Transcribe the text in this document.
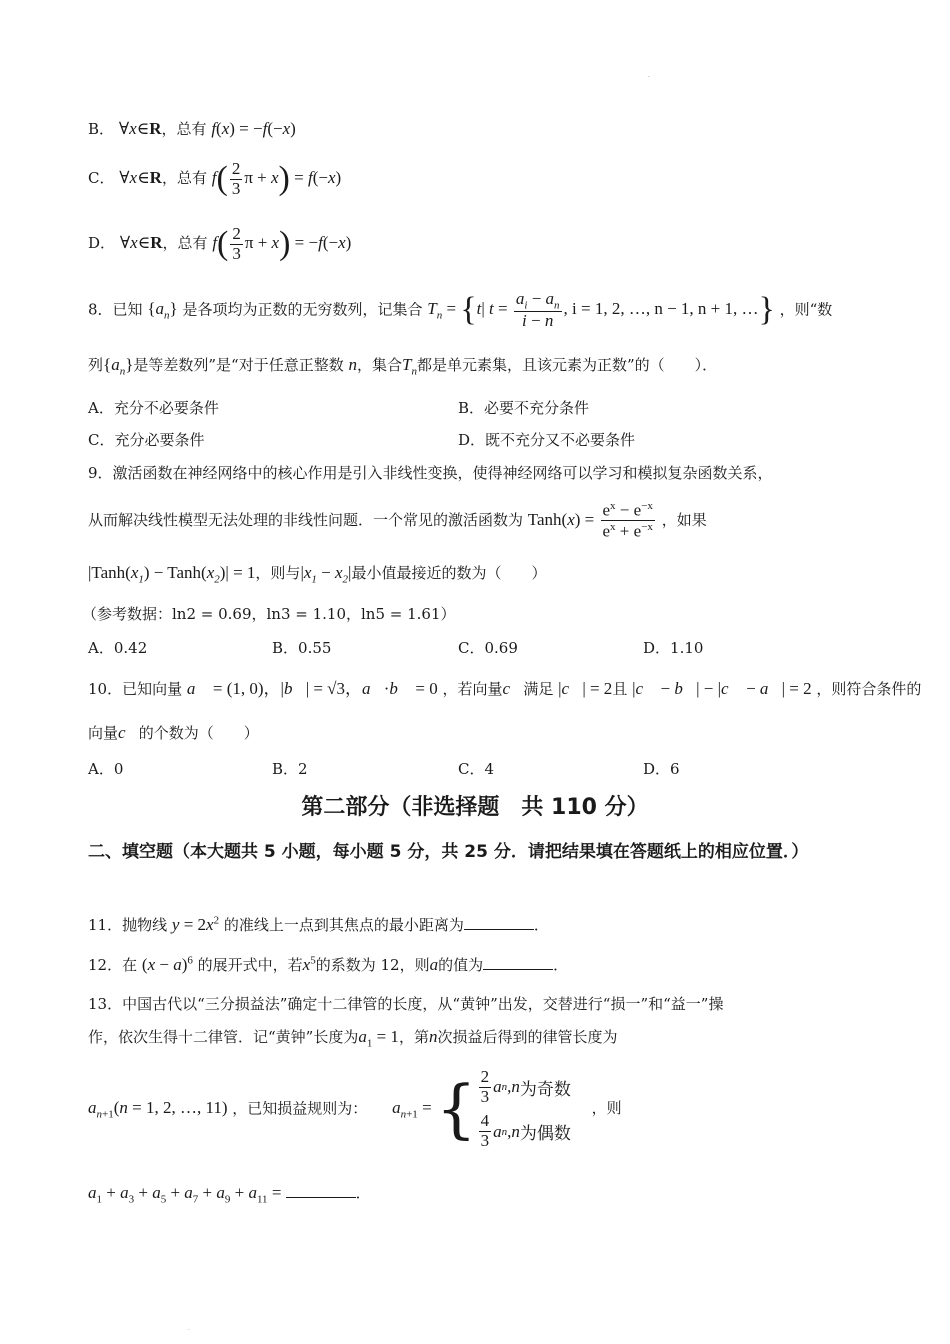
.
B． ∀x∈R，总有 f(x) = −f(−x)
C． ∀x∈R，总有 $f( \frac{2}{3}$ π + x) = f(−x)
D． ∀x∈R，总有 $f( \frac{2}{3}$ π + x) = −f(−x)
8．已知 $\{a_n\}$ 是各项均为正数的无穷数列，记集合 $T_n = \{t|$ $t = \frac{a_i - a_n}{i - n}$ , i = 1, 2, …, n − 1, n + 1, …} ，则“数
列$\{a_n\}$是等差数列”是“对于任意正整数 n，集合$T_n$都是单元素集，且该元素为正数”的（　　）．
A．充分不必要条件	B．必要不充分条件
C．充分必要条件	D．既不充分又不必要条件
9．激活函数在神经网络中的核心作用是引入非线性变换，使得神经网络可以学习和模拟复杂函数关系，
从而解决线性模型无法处理的非线性问题．一个常见的激活函数为 Tanh(x) = $\frac{e^x - e^{-x}}{e^x + e^{-x}}$ ，如果
$|Tanh(x_1)$ − $Tanh(x_2)| = 1$，则与$|x_1 - x_2|$最小值最接近的数为（　　）
（参考数据：ln2 = 0.69，ln3 = 1.10，ln5 = 1.61）
A．0.42	B．0.55	C．0.69	D．1.10
10．已知向量 a⃗ = (1, 0)，|b⃗| = √3，a⃗·b⃗ = 0 ，若向量c⃗满足 |c⃗| = 2且 |c⃗ − b⃗| − |c⃗ − a⃗| = 2 ，则符合条件的
向量c⃗的个数为（　　）
A．0	B．2	C．4	D．6
第二部分（非选择题　共 110 分）
二、填空题（本大题共 5 小题，每小题 5 分，共 25 分．请把结果填在答题纸上的相应位置．）
11．抛物线 $y = 2x^2$ 的准线上一点到其焦点的最小距离为	．
12．在 $(x - a)^6$ 的展开式中，若$x^5$的系数为 12，则a的值为	．
13．中国古代以“三分损益法”确定十二律管的长度，从“黄钟”出发，交替进行“损一”和“益一”操
作，依次生得十二律管．记“黄钟”长度为$a_1 = 1$，第n次损益后得到的律管长度为
$a_{n+1}(n = 1$, 2, …, 11) ，已知损益规则为： $a_{n+1}$ = { $\frac{2}{3}$ a n , n 为奇数
$\frac{4}{3}$ a n , n 为偶数
，则
$a_1 + a_3 + a_5 + a_7 + a_9 + a_{11}$ =	．
.
